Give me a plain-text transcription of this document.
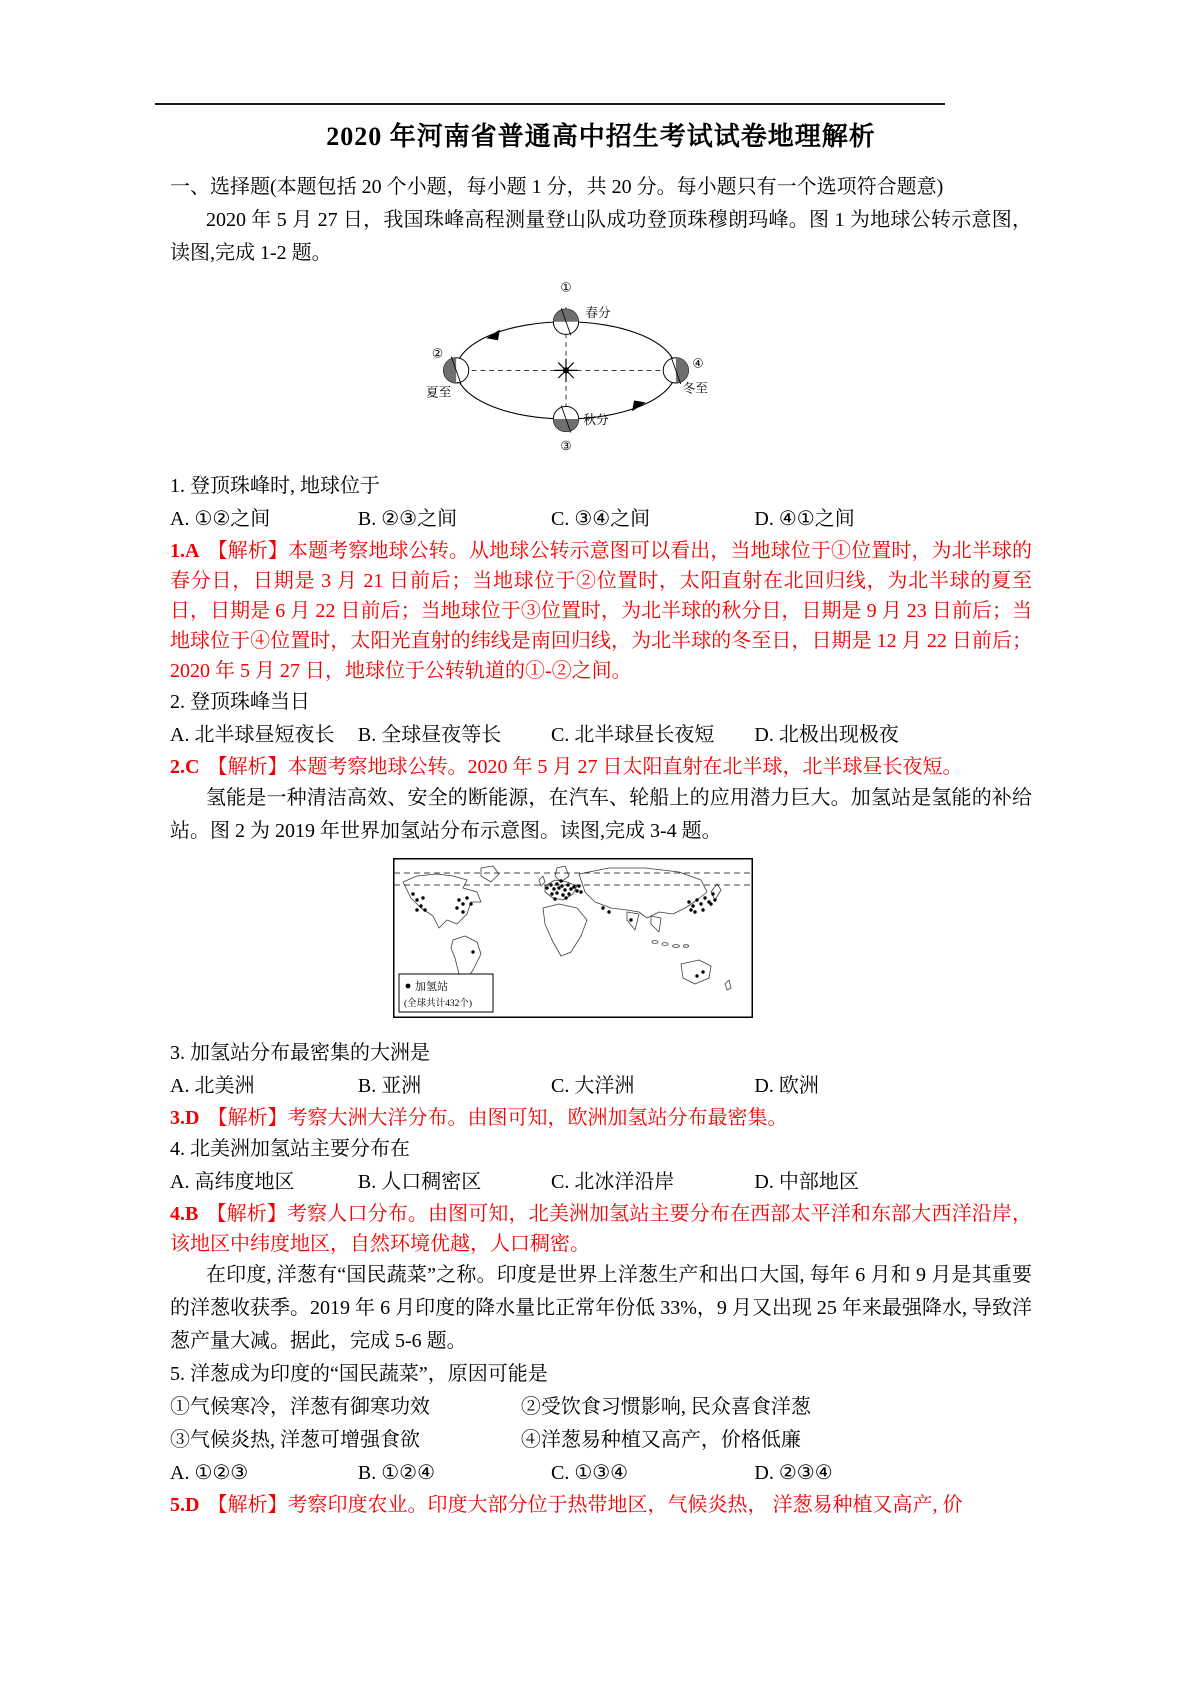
2020 年河南省普通高中招生考试试卷地理解析

一、选择题(本题包括 20 个小题，每小题 1 分，共 20 分。每小题只有一个选项符合题意)

2020 年 5 月 27 日，我国珠峰高程测量登山队成功登顶珠穆朗玛峰。图 1 为地球公转示意图，读图,完成 1-2 题。

①
春分
②
夏至
③
秋分
④
冬至

1. 登顶珠峰时, 地球位于

A. ①②之间	B. ②③之间	C. ③④之间	D. ④①之间

1.A 【解析】本题考察地球公转。从地球公转示意图可以看出，当地球位于①位置时，为北半球的春分日，日期是 3 月 21 日前后；当地球位于②位置时，太阳直射在北回归线，为北半球的夏至日，日期是 6 月 22 日前后；当地球位于③位置时，为北半球的秋分日，日期是 9 月 23 日前后；当地球位于④位置时，太阳光直射的纬线是南回归线，为北半球的冬至日，日期是 12 月 22 日前后；2020 年 5 月 27 日，地球位于公转轨道的①-②之间。

2. 登顶珠峰当日

A. 北半球昼短夜长	B. 全球昼夜等长	C. 北半球昼长夜短	D. 北极出现极夜

2.C 【解析】本题考察地球公转。2020 年 5 月 27 日太阳直射在北半球，北半球昼长夜短。

氢能是一种清洁高效、安全的断能源，在汽车、轮船上的应用潜力巨大。加氢站是氢能的补给站。图 2 为 2019 年世界加氢站分布示意图。读图,完成 3-4 题。

加氢站
(全球共计432个)

3. 加氢站分布最密集的大洲是

A. 北美洲	B. 亚洲	C. 大洋洲	D. 欧洲

3.D 【解析】考察大洲大洋分布。由图可知，欧洲加氢站分布最密集。

4. 北美洲加氢站主要分布在

A. 高纬度地区	B. 人口稠密区	C. 北冰洋沿岸	D. 中部地区

4.B 【解析】考察人口分布。由图可知，北美洲加氢站主要分布在西部太平洋和东部大西洋沿岸，该地区中纬度地区，自然环境优越，人口稠密。

在印度, 洋葱有“国民蔬菜”之称。印度是世界上洋葱生产和出口大国, 每年 6 月和 9 月是其重要的洋葱收获季。2019 年 6 月印度的降水量比正常年份低 33%，9 月又出现 25 年来最强降水, 导致洋葱产量大减。据此，完成 5-6 题。

5. 洋葱成为印度的“国民蔬菜”，原因可能是

①气候寒冷，洋葱有御寒功效	②受饮食习惯影响, 民众喜食洋葱
③气候炎热, 洋葱可增强食欲	④洋葱易种植又高产，价格低廉
A. ①②③	B. ①②④	C. ①③④	D. ②③④

5.D 【解析】考察印度农业。印度大部分位于热带地区，气候炎热， 洋葱易种植又高产, 价
